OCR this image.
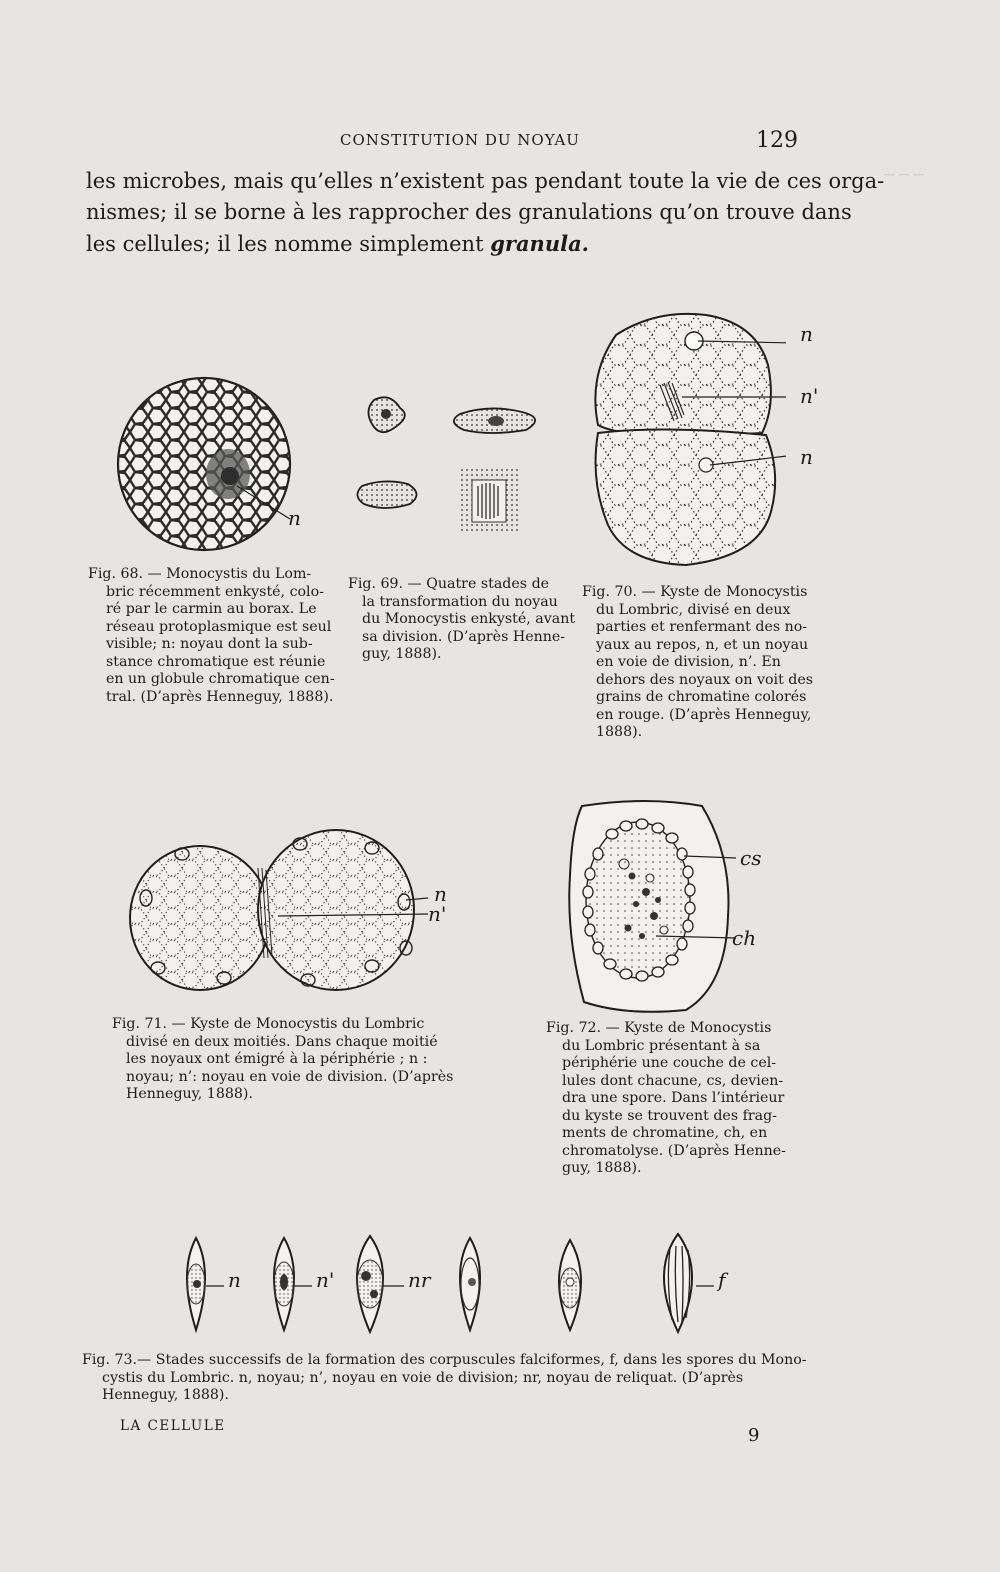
— — —
CONSTITUTION DU NOYAU	129
les microbes, mais qu’elles n’existent pas pendant toute la vie de ces orga-
nismes; il se borne à les rapprocher des granulations qu’on trouve dans
les cellules; il les nomme simplement granula.
n
n
n'
n
Fig. 68. — Monocystis du Lom-
bric récemment enkysté, colo-
ré par le carmin au borax. Le
réseau protoplasmique est seul
visible; n: noyau dont la sub-
stance chromatique est réunie
en un globule chromatique cen-
tral. (D’après Henneguy, 1888).
Fig. 69. — Quatre stades de
la transformation du noyau
du Monocystis enkysté, avant
sa division. (D’après Henne-
guy, 1888).
Fig. 70. — Kyste de Monocystis
du Lombric, divisé en deux
parties et renfermant des no-
yaux au repos, n, et un noyau
en voie de division, n’. En
dehors des noyaux on voit des
grains de chromatine colorés
en rouge. (D’après Henneguy,
1888).
n
n'
cs
ch
Fig. 71. — Kyste de Monocystis du Lombric
divisé en deux moitiés. Dans chaque moitié
les noyaux ont émigré à la périphérie ; n :
noyau; n’: noyau en voie de division. (D’après
Henneguy, 1888).
Fig. 72. — Kyste de Monocystis
du Lombric présentant à sa
périphérie une couche de cel-
lules dont chacune, cs, devien-
dra une spore. Dans l’intérieur
du kyste se trouvent des frag-
ments de chromatine, ch, en
chromatolyse. (D’après Henne-
guy, 1888).
n	n'	nr	f
Fig. 73.— Stades successifs de la formation des corpuscules falciformes, f, dans les spores du Mono-
cystis du Lombric. n, noyau; n’, noyau en voie de division; nr, noyau de reliquat. (D’après
Henneguy, 1888).
LA CELLULE	9
